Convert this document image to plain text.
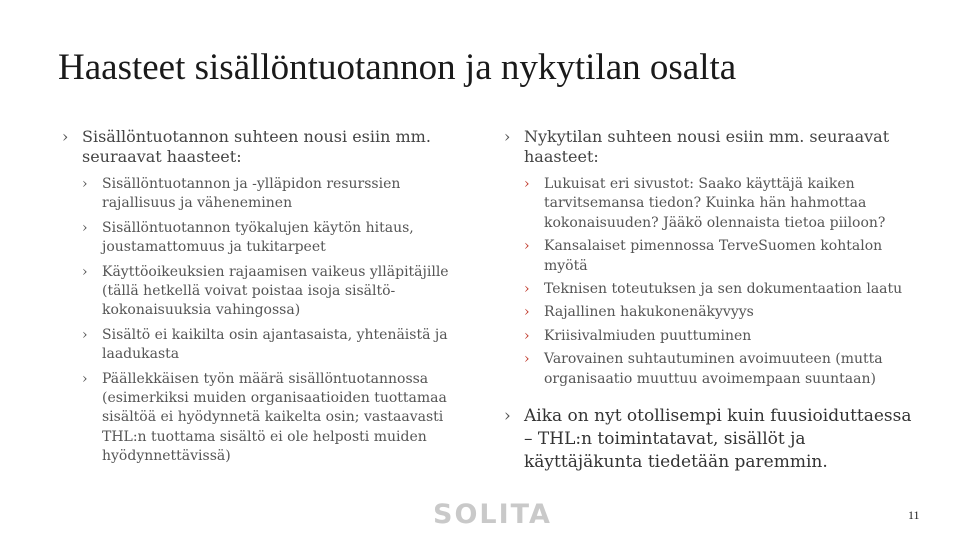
Haasteet sisällöntuotannon ja nykytilan osalta
› Sisällöntuotannon suhteen nousi esiin mm. seuraavat haasteet:
› Sisällöntuotannon ja -ylläpidon resurssien rajallisuus ja väheneminen
› Sisällöntuotannon työkalujen käytön hitaus, joustamattomuus ja tukitarpeet
› Käyttöoikeuksien rajaamisen vaikeus ylläpitäjille (tällä hetkellä voivat poistaa isoja sisältö-kokonaisuuksia vahingossa)
› Sisältö ei kaikilta osin ajantasaista, yhtenäistä ja laadukasta
› Päällekkäisen työn määrä sisällöntuotannossa (esimerkiksi muiden organisaatioiden tuottamaa sisältöä ei hyödynnetä kaikelta osin; vastaavasti THL:n tuottama sisältö ei ole helposti muiden hyödynnettävissä)
› Nykytilan suhteen nousi esiin mm. seuraavat haasteet:
› Lukuisat eri sivustot: Saako käyttäjä kaiken tarvitsemansa tiedon? Kuinka hän hahmottaa kokonaisuuden? Jääkö olennaista tietoa piiloon?
› Kansalaiset pimennossa TerveSuomen kohtalon myötä
› Teknisen toteutuksen ja sen dokumentaation laatu
› Rajallinen hakukonenäkyvyys
› Kriisivalmiuden puuttuminen
› Varovainen suhtautuminen avoimuuteen (mutta organisaatio muuttuu avoimempaan suuntaan)
› Aika on nyt otollisempi kuin fuusioiduttaessa – THL:n toimintatavat, sisällöt ja käyttäjäkunta tiedetään paremmin.
SOLITA	11
